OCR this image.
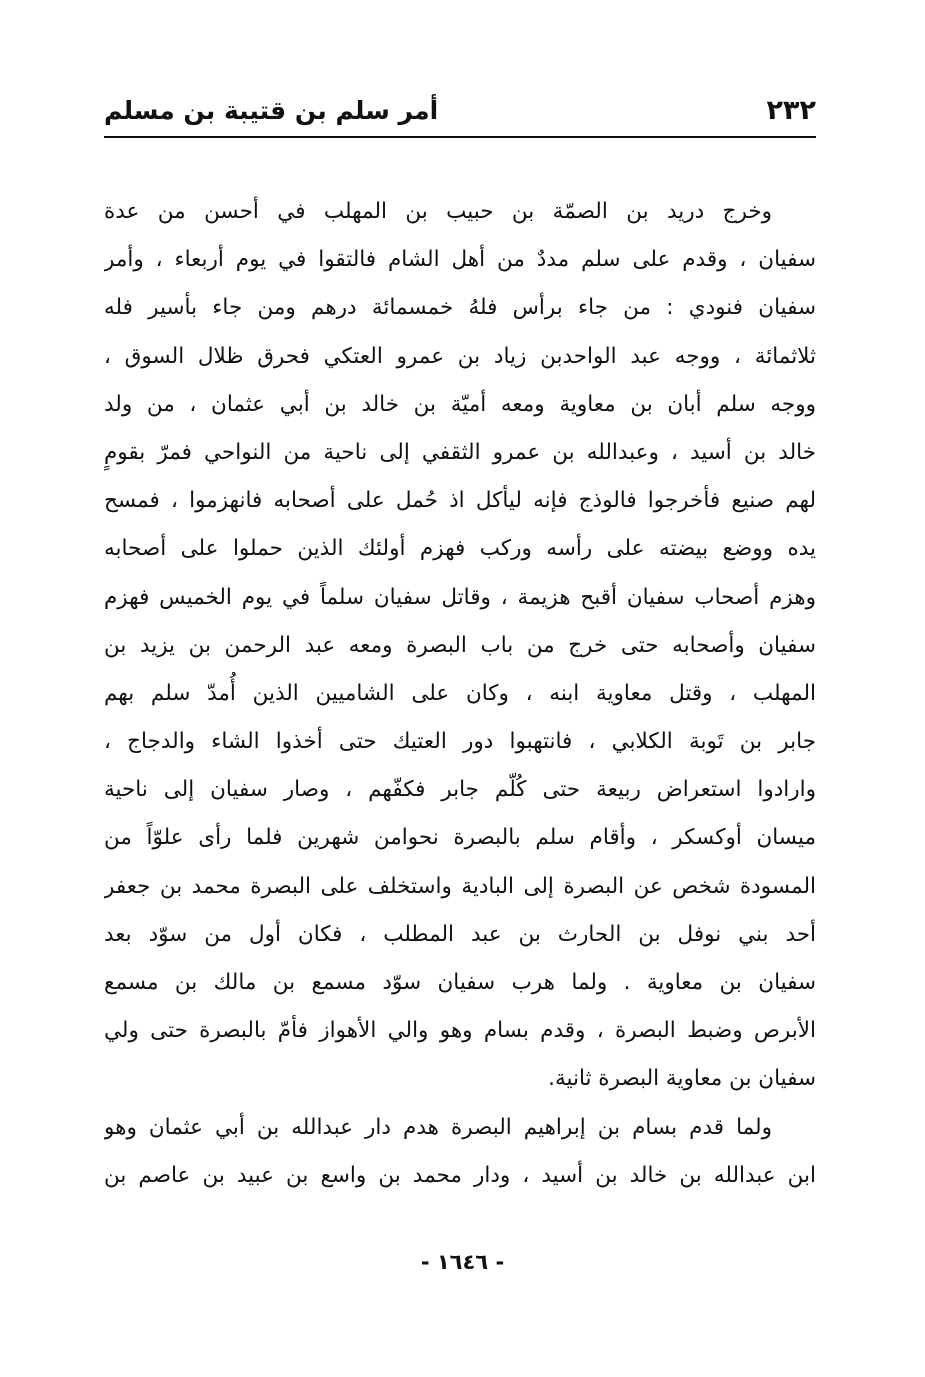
٢٣٢
أمر سلم بن قتيبة بن مسلم
وخرج دريد بن الصمّة بن حبيب بن المهلب في أحسن من عدة
سفيان ، وقدم على سلم مددٌ من أهل الشام فالتقوا في يوم أربعاء ، وأمر
سفيان فنودي : من جاء برأس فلهُ خمسمائة درهم ومن جاء بأسير فله
ثلاثمائة ، ووجه عبد الواحدبن زياد بن عمرو العتكي فحرق ظلال السوق ،
ووجه سلم أبان بن معاوية ومعه أميّة بن خالد بن أبي عثمان ، من ولد
خالد بن أسيد ، وعبدالله بن عمرو الثقفي إلى ناحية من النواحي فمرّ بقومٍ
لهم صنيع فأخرجوا فالوذج فإنه ليأكل اذ حُمل على أصحابه فانهزموا ، فمسح
يده ووضع بيضته على رأسه وركب فهزم أولئك الذين حملوا على أصحابه
وهزم أصحاب سفيان أقبح هزيمة ، وقاتل سفيان سلماً في يوم الخميس فهزم
سفيان وأصحابه حتى خرج من باب البصرة ومعه عبد الرحمن بن يزيد بن
المهلب ، وقتل معاوية ابنه ، وكان على الشاميين الذين أُمدّ سلم بهم
جابر بن تَوبة الكلابي ، فانتهبوا دور العتيك حتى أخذوا الشاء والدجاج ،
وارادوا استعراض ربيعة حتى كُلّم جابر فكفّهم ، وصار سفيان إلى ناحية
ميسان أوكسكر ، وأقام سلم بالبصرة نحوامن شهرين فلما رأى علوّاً من
المسودة شخص عن البصرة إلى البادية واستخلف على البصرة محمد بن جعفر
أحد بني نوفل بن الحارث بن عبد المطلب ، فكان أول من سوّد بعد
سفيان بن معاوية . ولما هرب سفيان سوّد مسمع بن مالك بن مسمع
الأبرص وضبط البصرة ، وقدم بسام وهو والي الأهواز فأمّ بالبصرة حتى ولي
سفيان بن معاوية البصرة ثانية.
ولما قدم بسام بن إبراهيم البصرة هدم دار عبدالله بن أبي عثمان وهو
ابن عبدالله بن خالد بن أسيد ، ودار محمد بن واسع بن عبيد بن عاصم بن
- ١٦٤٦ -
